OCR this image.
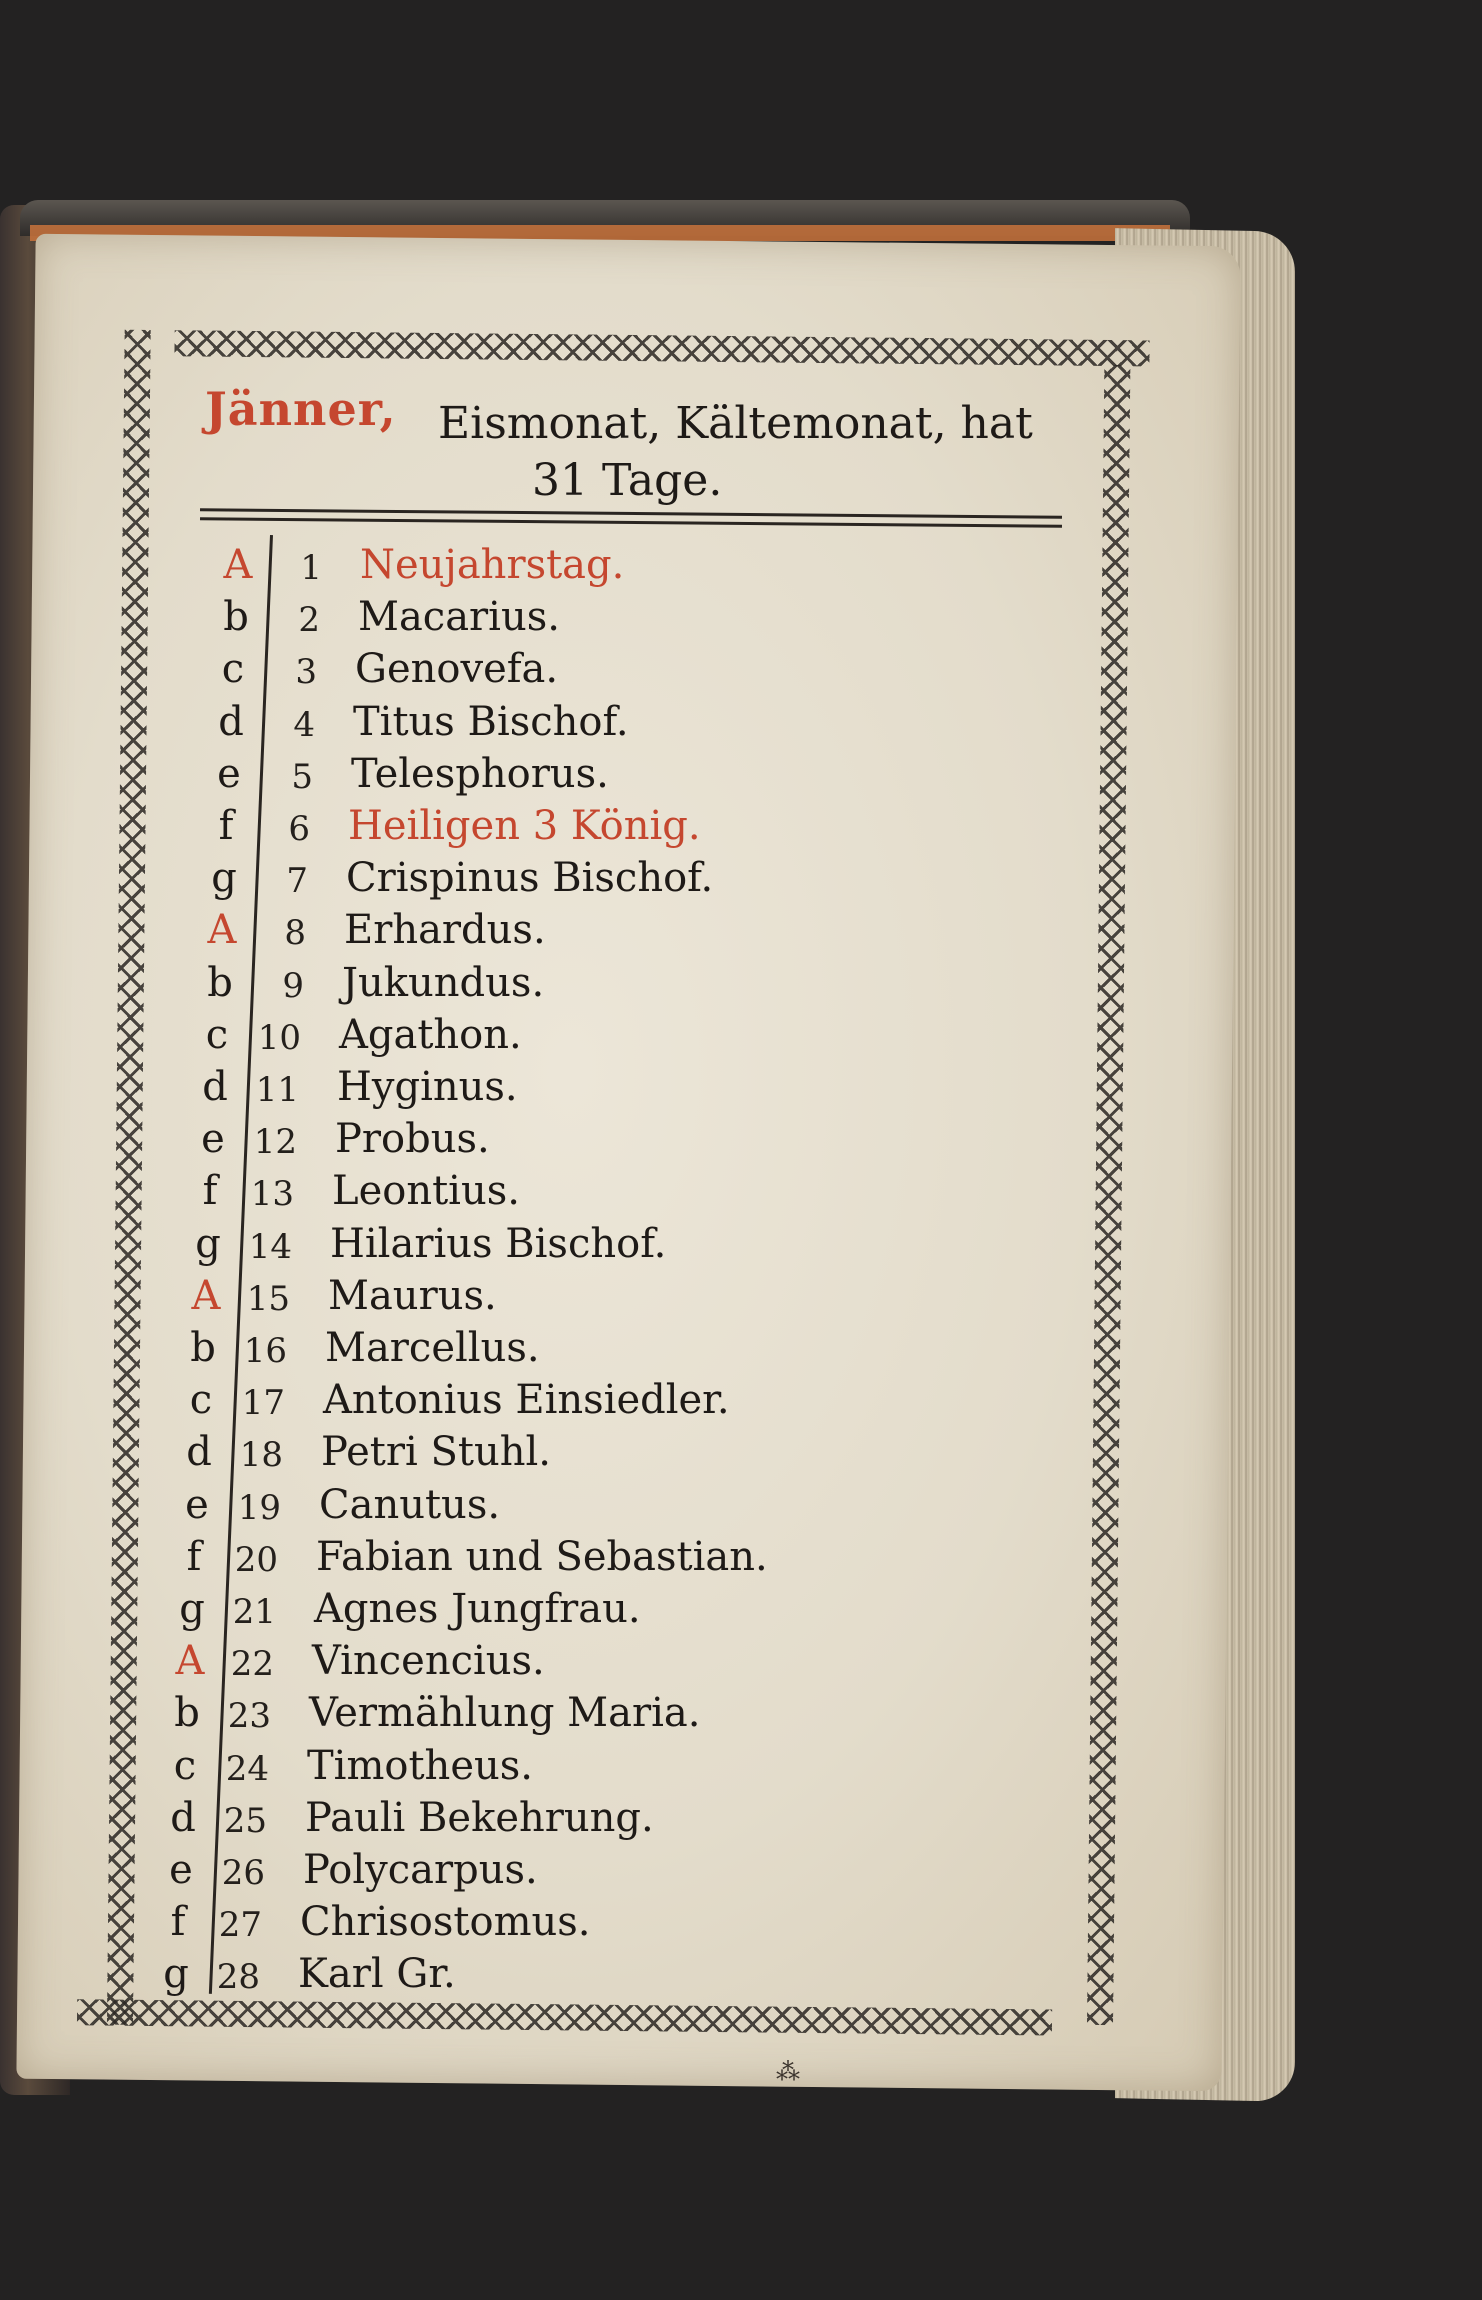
Jänner, Eismonat, Kältemonat, hat
31 Tage.
A	1 Neujahrstag.
b	2 Macarius.
c	3 Genovefa.
d	4 Titus Bischof.
e	5 Telesphorus.
f	6 Heiligen 3 König.
g	7 Crispinus Bischof.
A	8 Erhardus.
b	9 Jukundus.
c 10 Agathon.
d 11 Hyginus.
e 12 Probus.
f 13 Leontius.
g 14 Hilarius Bischof.
A 15 Maurus.
b 16 Marcellus.
c 17 Antonius Einsiedler.
d 18 Petri Stuhl.
e 19 Canutus.
f 20 Fabian und Sebastian.
g 21 Agnes Jungfrau.
A 22 Vincencius.
b 23 Vermählung Maria.
c 24 Timotheus.
d 25 Pauli Bekehrung.
e 26 Polycarpus.
f 27 Chrisostomus.
g 28 Karl Gr.
⁂
